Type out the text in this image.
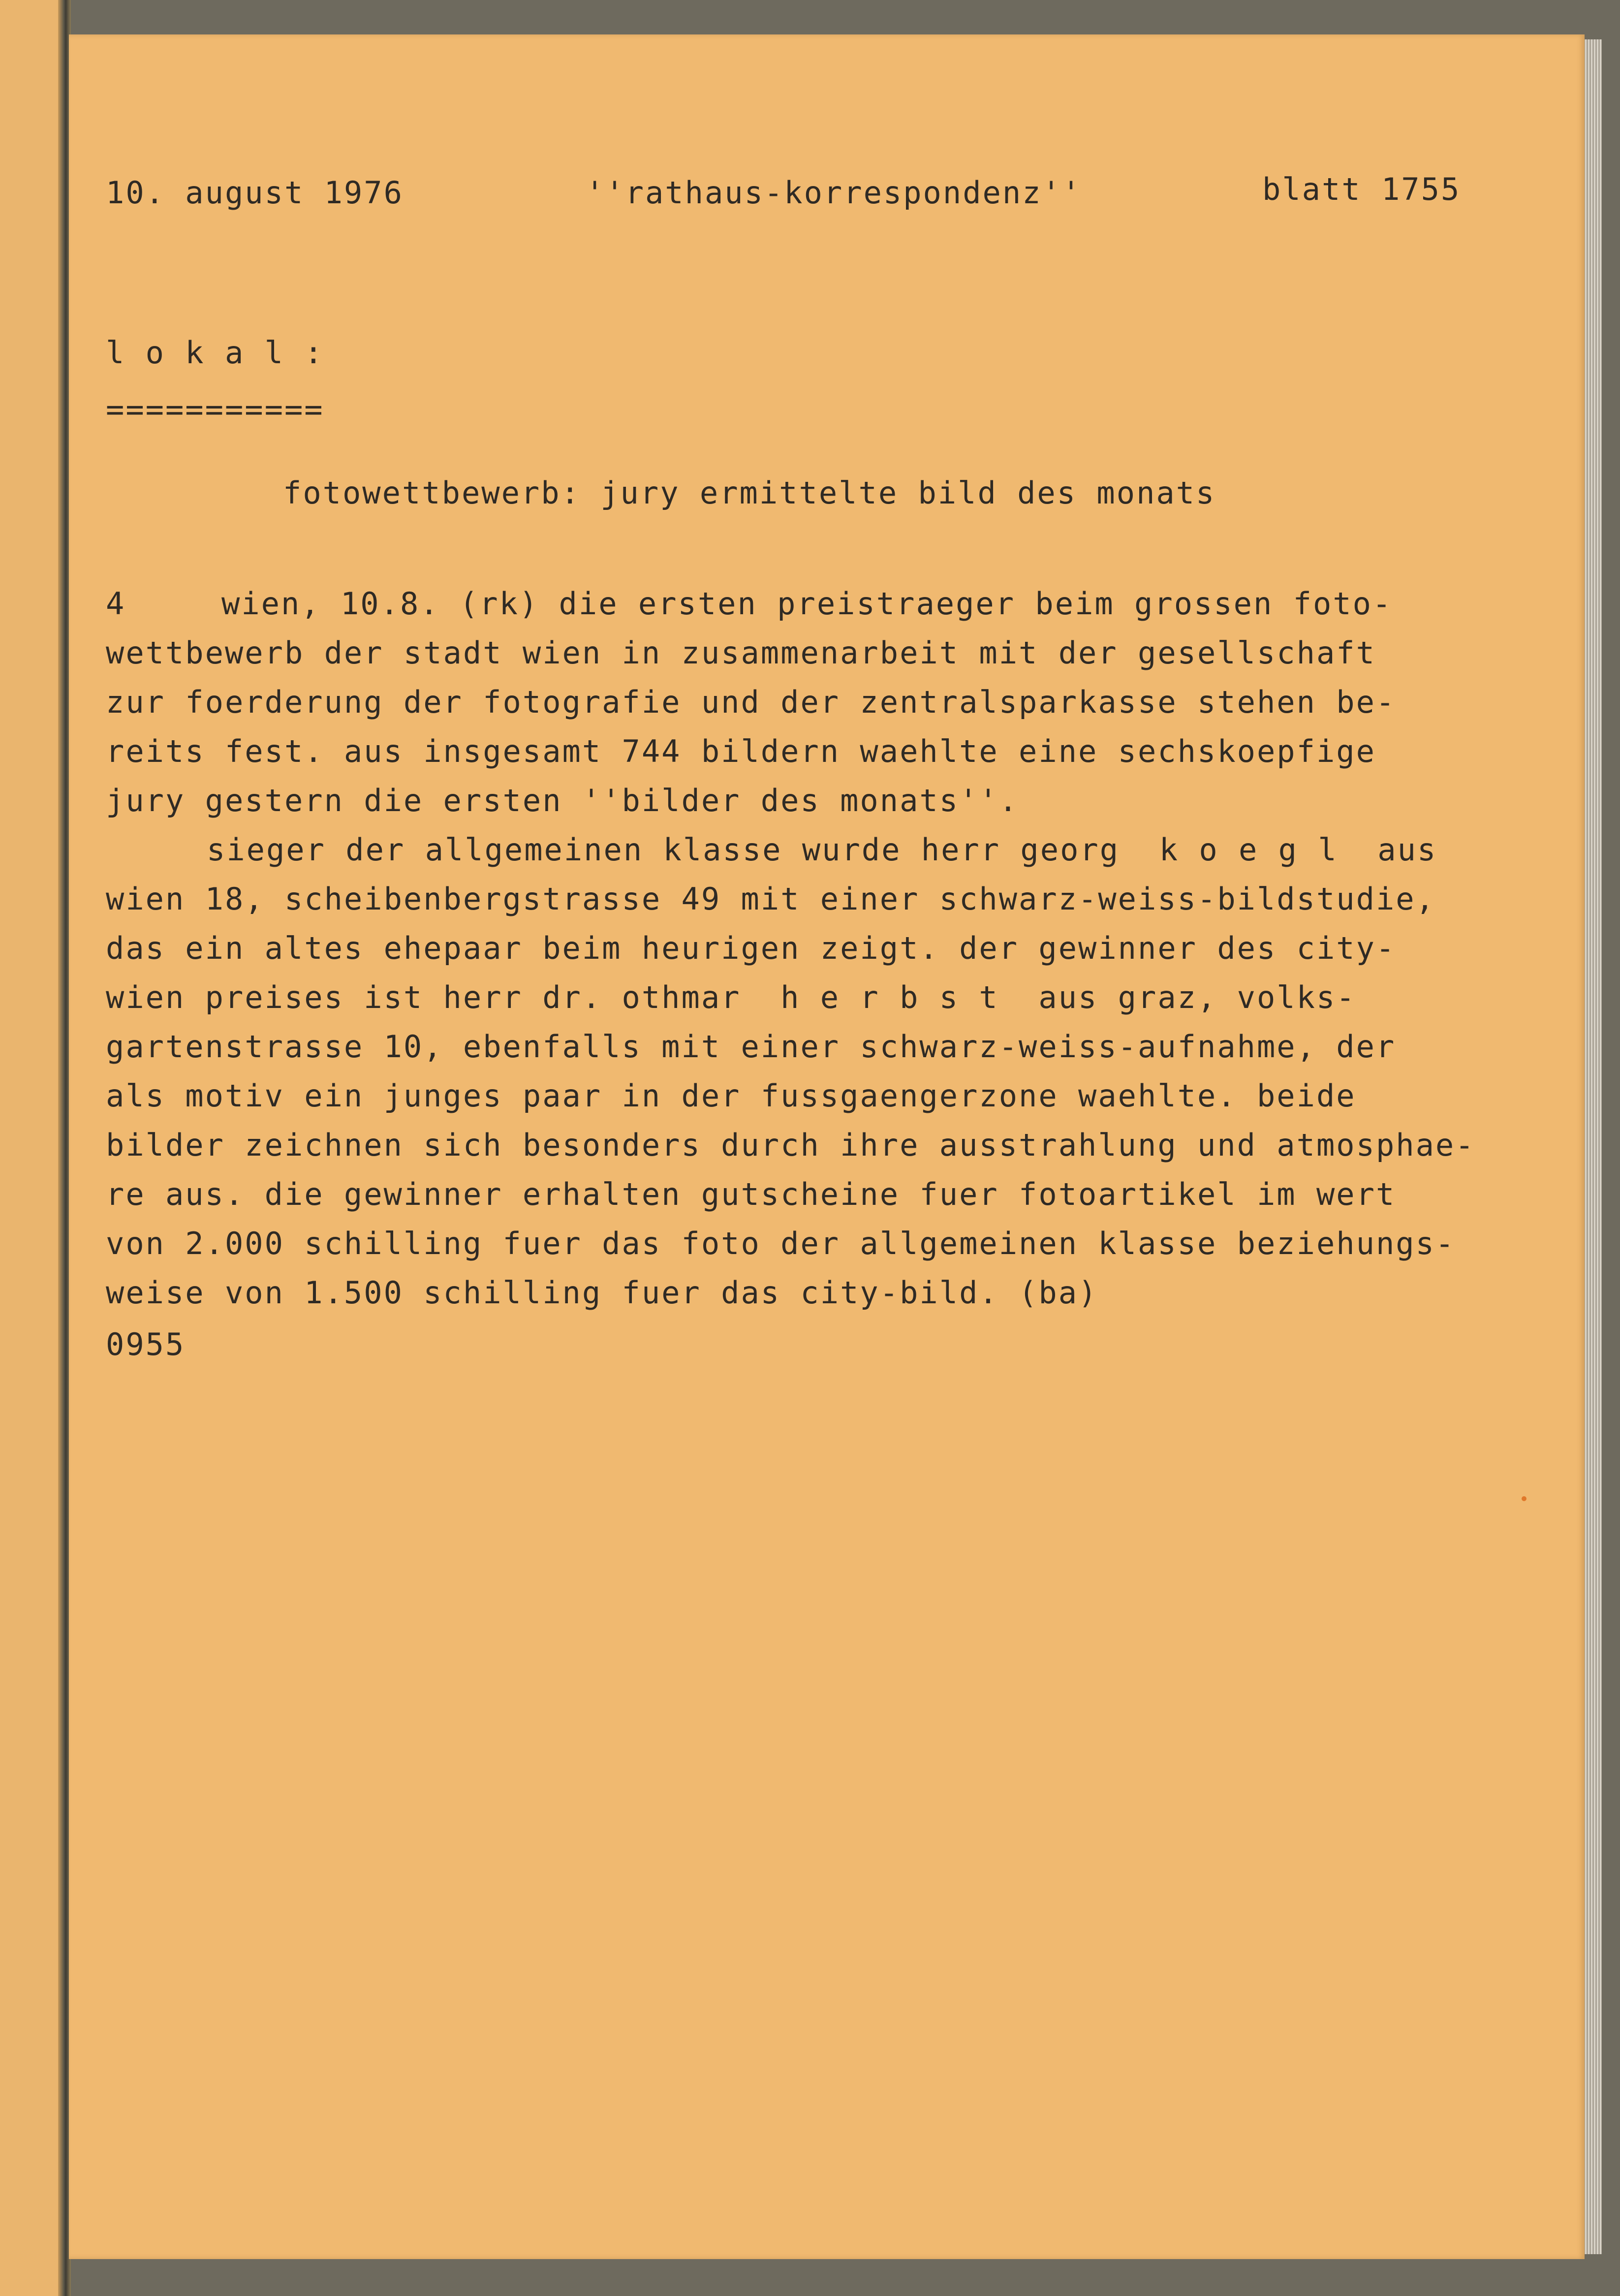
10. august 1976	''rathaus-korrespondenz''	blatt 1755
l o k a l :
===========
fotowettbewerb: jury ermittelte bild des monats
4	wien, 10.8. (rk) die ersten preistraeger beim grossen foto-
wettbewerb der stadt wien in zusammenarbeit mit der gesellschaft
zur foerderung der fotografie und der zentralsparkasse stehen be-
reits fest. aus insgesamt 744 bildern waehlte eine sechskoepfige
jury gestern die ersten ''bilder des monats''.
sieger der allgemeinen klasse wurde herr georg  k o e g l  aus
wien 18, scheibenbergstrasse 49 mit einer schwarz-weiss-bildstudie,
das ein altes ehepaar beim heurigen zeigt. der gewinner des city-
wien preises ist herr dr. othmar  h e r b s t  aus graz, volks-
gartenstrasse 10, ebenfalls mit einer schwarz-weiss-aufnahme, der
als motiv ein junges paar in der fussgaengerzone waehlte. beide
bilder zeichnen sich besonders durch ihre ausstrahlung und atmosphae-
re aus. die gewinner erhalten gutscheine fuer fotoartikel im wert
von 2.000 schilling fuer das foto der allgemeinen klasse beziehungs-
weise von 1.500 schilling fuer das city-bild. (ba)
0955
